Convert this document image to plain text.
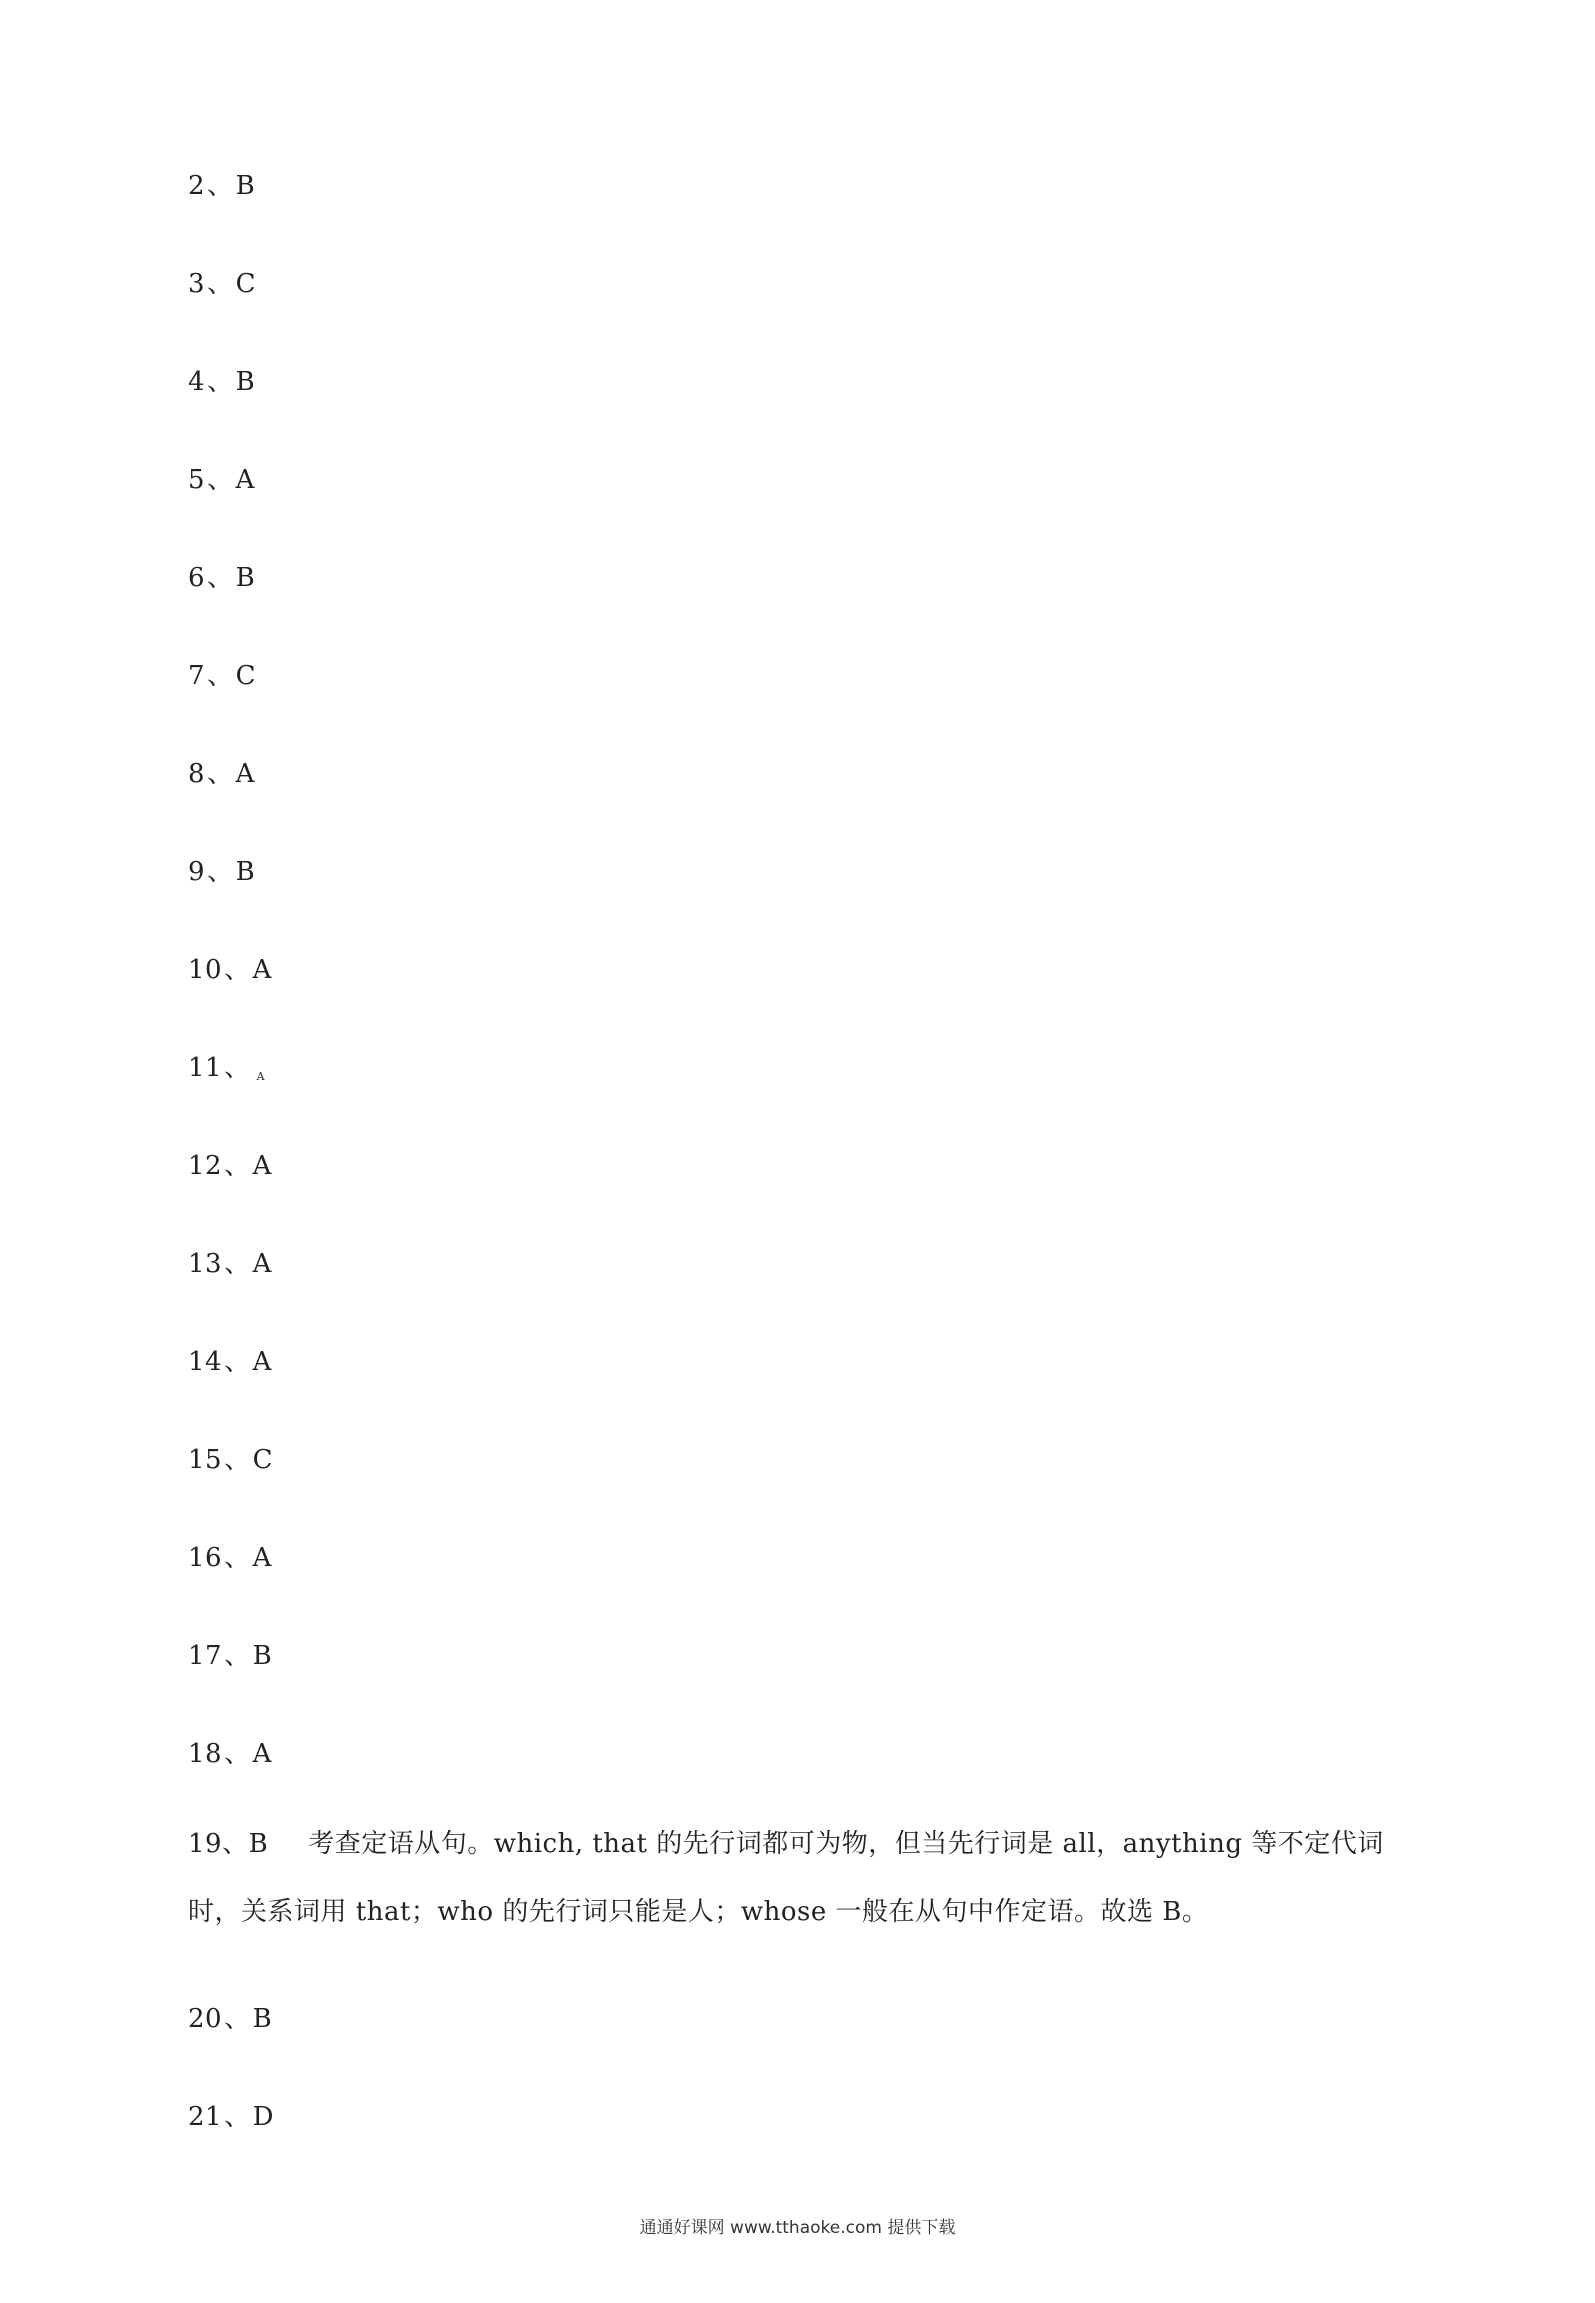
2、B
3、C
4、B
5、A
6、B
7、C
8、A
9、B
10、A
11、 A
12、A
13、A
14、A
15、C
16、A
17、B
18、A
19、B 考查定语从句。which, that 的先行词都可为物，但当先行词是 all，anything 等不定代词时，关系词用 that；who 的先行词只能是人；whose 一般在从句中作定语。故选 B。
20、B
21、D
通通好课网 www.tthaoke.com 提供下载
